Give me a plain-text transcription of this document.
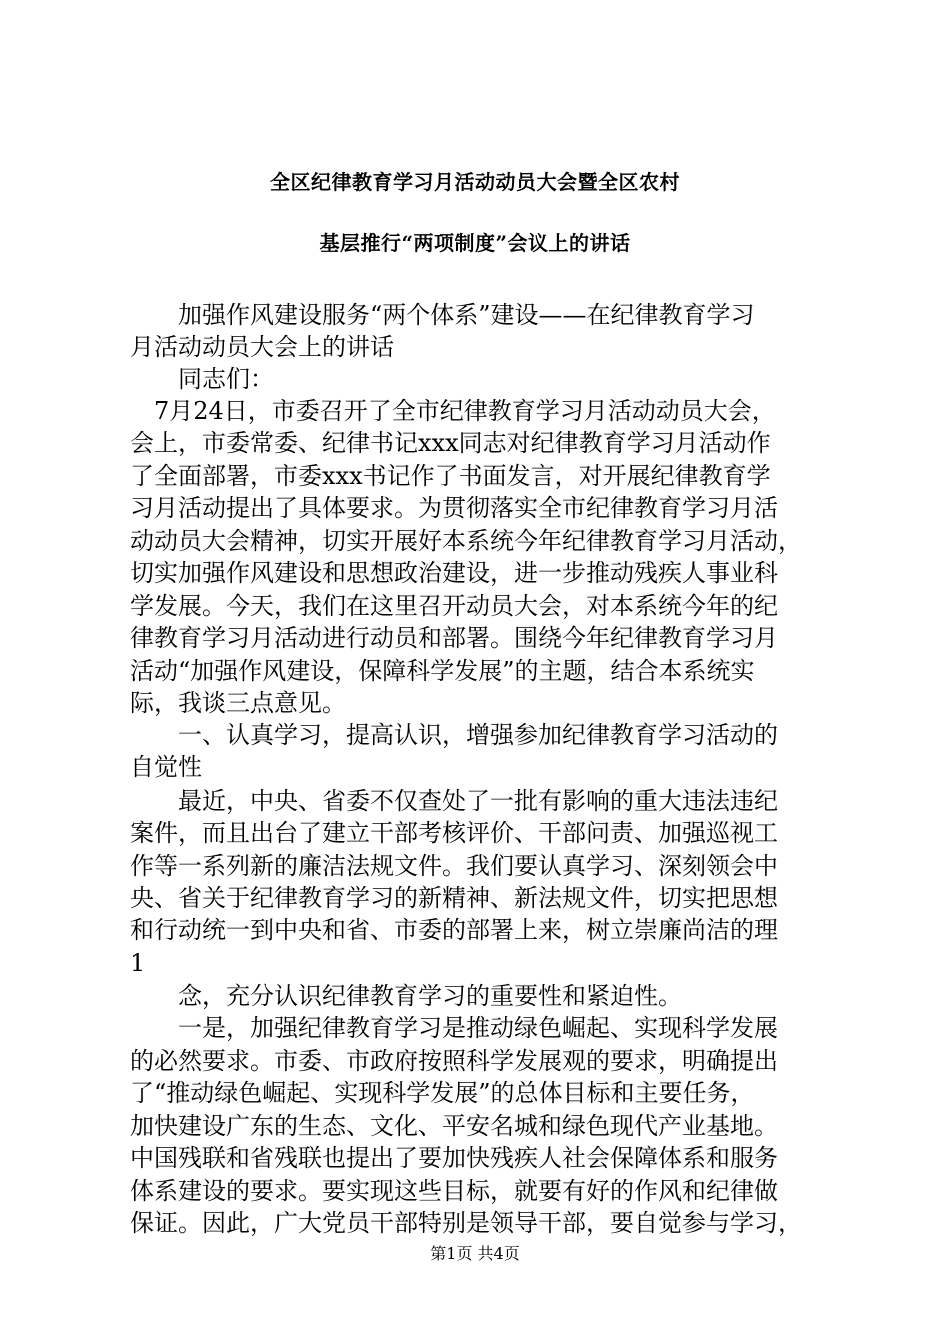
全区纪律教育学习月活动动员大会暨全区农村
基层推行“两项制度”会议上的讲话
　　加强作风建设服务“两个体系”建设——在纪律教育学习
月活动动员大会上的讲话
　　同志们：
　7月24日，市委召开了全市纪律教育学习月活动动员大会，
会上，市委常委、纪律书记xxx同志对纪律教育学习月活动作
了全面部署，市委xxx书记作了书面发言，对开展纪律教育学
习月活动提出了具体要求。为贯彻落实全市纪律教育学习月活
动动员大会精神，切实开展好本系统今年纪律教育学习月活动，
切实加强作风建设和思想政治建设，进一步推动残疾人事业科
学发展。今天，我们在这里召开动员大会，对本系统今年的纪
律教育学习月活动进行动员和部署。围绕今年纪律教育学习月
活动“加强作风建设，保障科学发展”的主题，结合本系统实
际，我谈三点意见。
　　一、认真学习，提高认识，增强参加纪律教育学习活动的
自觉性
　　最近，中央、省委不仅查处了一批有影响的重大违法违纪
案件，而且出台了建立干部考核评价、干部问责、加强巡视工
作等一系列新的廉洁法规文件。我们要认真学习、深刻领会中
央、省关于纪律教育学习的新精神、新法规文件，切实把思想
和行动统一到中央和省、市委的部署上来，树立崇廉尚洁的理
1
　　念，充分认识纪律教育学习的重要性和紧迫性。
　　一是，加强纪律教育学习是推动绿色崛起、实现科学发展
的必然要求。市委、市政府按照科学发展观的要求，明确提出
了“推动绿色崛起、实现科学发展”的总体目标和主要任务，
加快建设广东的生态、文化、平安名城和绿色现代产业基地。
中国残联和省残联也提出了要加快残疾人社会保障体系和服务
体系建设的要求。要实现这些目标，就要有好的作风和纪律做
保证。因此，广大党员干部特别是领导干部，要自觉参与学习，
第1页 共4页
